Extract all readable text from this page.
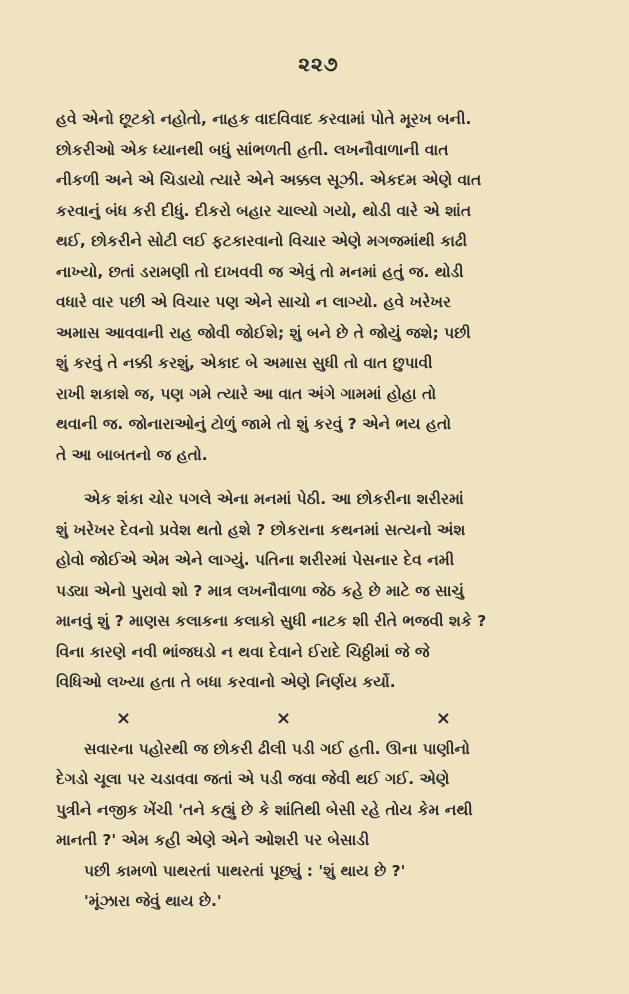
૨૨૭

હવે એનો છૂટકો નહોતો, નાહક વાદવિવાદ કરવામાં પોતે મૂરખ બની.
છોકરીઓ એક ધ્યાનથી બધું સાંભળતી હતી. લખનૌવાળાની વાત
નીકળી અને એ ચિડાયો ત્યારે એને અક્કલ સૂઝી. એકદમ એણે વાત
કરવાનું બંધ કરી દીધું. દીકરો બહાર ચાલ્યો ગયો, થોડી વારે એ શાંત
થઈ, છોકરીને સોટી લઈ ફટકારવાનો વિચાર એણે મગજમાંથી કાઢી
નાખ્યો, છતાં ડરામણી તો દાખવવી જ એવું તો મનમાં હતું જ. થોડી
વધારે વાર પછી એ વિચાર પણ એને સાચો ન લાગ્યો. હવે ખરેખર
અમાસ આવવાની રાહ જોવી જોઈશે; શું બને છે તે જોયું જશે; પછી
શું કરવું તે નક્કી કરશું, એકાદ બે અમાસ સુધી તો વાત છુપાવી
રાખી શકાશે જ, પણ ગમે ત્યારે આ વાત અંગે ગામમાં હોહા તો
થવાની જ. જોનારાઓનું ટોળું જામે તો શું કરવું ? એને ભય હતો
તે આ બાબતનો જ હતો.

એક શંકા ચોર પગલે એના મનમાં પેઠી. આ છોકરીના શરીરમાં
શું ખરેખર દેવનો પ્રવેશ થતો હશે ? છોકરાના કથનમાં સત્યનો અંશ
હોવો જોઈએ એમ એને લાગ્યું. પતિના શરીરમાં પેસનાર દેવ નમી
પડ્યા એનો પુરાવો શો ? માત્ર લખનૌવાળા જેઠ કહે છે માટે જ સાચું
માનવું શું ? માણસ કલાકના કલાકો સુધી નાટક શી રીતે ભજવી શકે ?
વિના કારણે નવી ભાંજઘડો ન થવા દેવાને ઈરાદે ચિઠ્ઠીમાં જે જે
વિધિઓ લખ્યા હતા તે બધા કરવાનો એણે નિર્ણય કર્યો.

×	×	×

સવારના પહોરથી જ છોકરી ઢીલી પડી ગઈ હતી. ઊના પાણીનો
દેગડો ચૂલા પર ચડાવવા જતાં એ પડી જવા જેવી થઈ ગઈ. એણે
પુત્રીને નજીક ખેંચી 'તને કહ્યું છે કે શાંતિથી બેસી રહે તોય કેમ નથી
માનતી ?' એમ કહી એણે એને ઓશરી પર બેસાડી

પછી કામળો પાથરતાં પાથરતાં પૂછ્યું : 'શું થાય છે ?'
'મૂંઝારા જેવું થાય છે.'
